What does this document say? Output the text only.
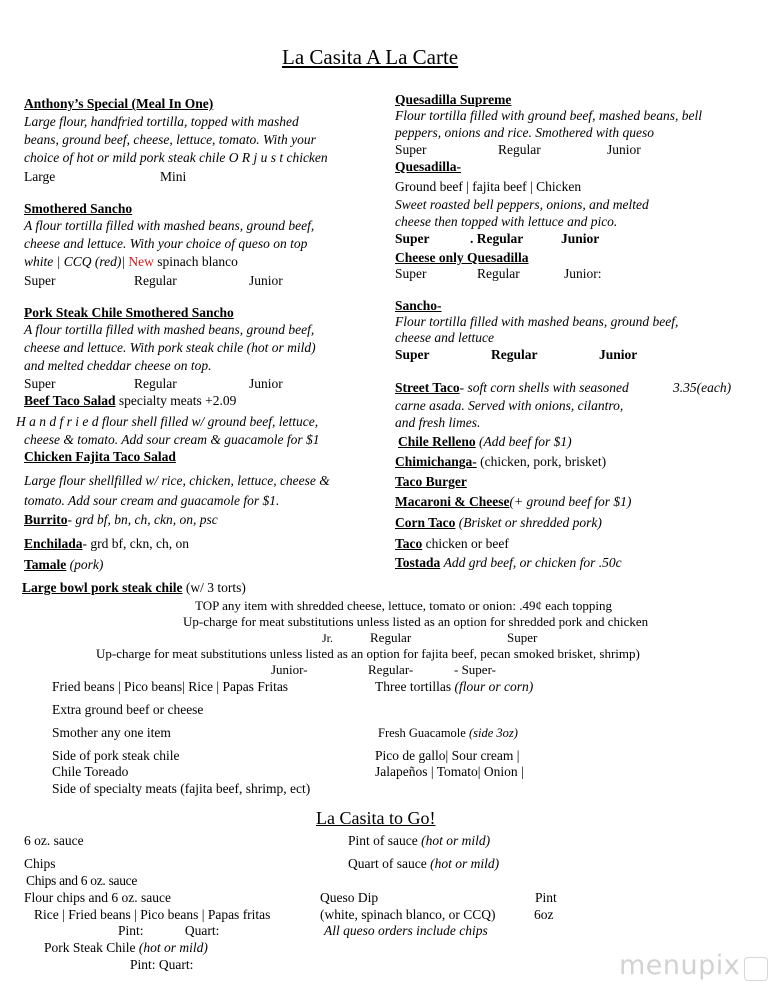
La Casita A La Carte
Anthony’s Special (Meal In One)
Large flour, handfried tortilla, topped with mashed
beans, ground beef, cheese, lettuce, tomato. With your
choice of hot or mild pork steak chile O R j u s t chicken
Large	Mini
Smothered Sancho
A flour tortilla filled with mashed beans, ground beef,
cheese and lettuce. With your choice of queso on top
white | CCQ (red)| New spinach blanco
Super	Regular	Junior
Pork Steak Chile Smothered Sancho
A flour tortilla filled with mashed beans, ground beef,
cheese and lettuce. With pork steak chile (hot or mild)
and melted cheddar cheese on top.
Super	Regular	Junior
Beef Taco Salad specialty meats +2.09
H a n d f r i e d flour shell filled w/ ground beef, lettuce,
cheese & tomato. Add sour cream & guacamole for $1
Chicken Fajita Taco Salad
Large flour shellfilled w/ rice, chicken, lettuce, cheese &
tomato. Add sour cream and guacamole for $1.
Burrito- grd bf, bn, ch, ckn, on, psc
Enchilada- grd bf, ckn, ch, on
Tamale (pork)
Large bowl pork steak chile (w/ 3 torts)
Quesadilla Supreme
Flour tortilla filled with ground beef, mashed beans, bell
peppers, onions and rice. Smothered with queso
Super	Regular	Junior
Quesadilla-
Ground beef | fajita beef | Chicken
Sweet roasted bell peppers, onions, and melted
cheese then topped with lettuce and pico.
Super	. Regular	Junior
Cheese only Quesadilla
Super	Regular	Junior:
Sancho-
Flour tortilla filled with mashed beans, ground beef,
cheese and lettuce
Super	Regular	Junior
Street Taco- soft corn shells with seasoned	3.35(each)
carne asada. Served with onions, cilantro,
and fresh limes.
Chile Relleno (Add beef for $1)
Chimichanga- (chicken, pork, brisket)
Taco Burger
Macaroni & Cheese(+ ground beef for $1)
Corn Taco (Brisket or shredded pork)
Taco chicken or beef
Tostada Add grd beef, or chicken for .50c
TOP any item with shredded cheese, lettuce, tomato or onion: .49¢ each topping
Up-charge for meat substitutions unless listed as an option for shredded pork and chicken
Jr.	Regular	Super
Up-charge for meat substitutions unless listed as an option for fajita beef, pecan smoked brisket, shrimp)
Junior-	Regular-	- Super-
Fried beans | Pico beans| Rice | Papas Fritas
Extra ground beef or cheese
Smother any one item
Side of pork steak chile
Chile Toreado
Side of specialty meats (fajita beef, shrimp, ect)
Three tortillas (flour or corn)
Fresh Guacamole (side 3oz)
Pico de gallo| Sour cream |
Jalapeños | Tomato| Onion |
La Casita to Go!
6 oz. sauce	Pint of sauce (hot or mild)
Chips	Quart of sauce (hot or mild)
Chips and 6 oz. sauce
Flour chips and 6 oz. sauce	Queso Dip	Pint
Rice | Fried beans | Pico beans | Papas fritas	(white, spinach blanco, or CCQ)	6oz
Pint: Quart:	All queso orders include chips
Pork Steak Chile (hot or mild)
Pint: Quart:	menupix
